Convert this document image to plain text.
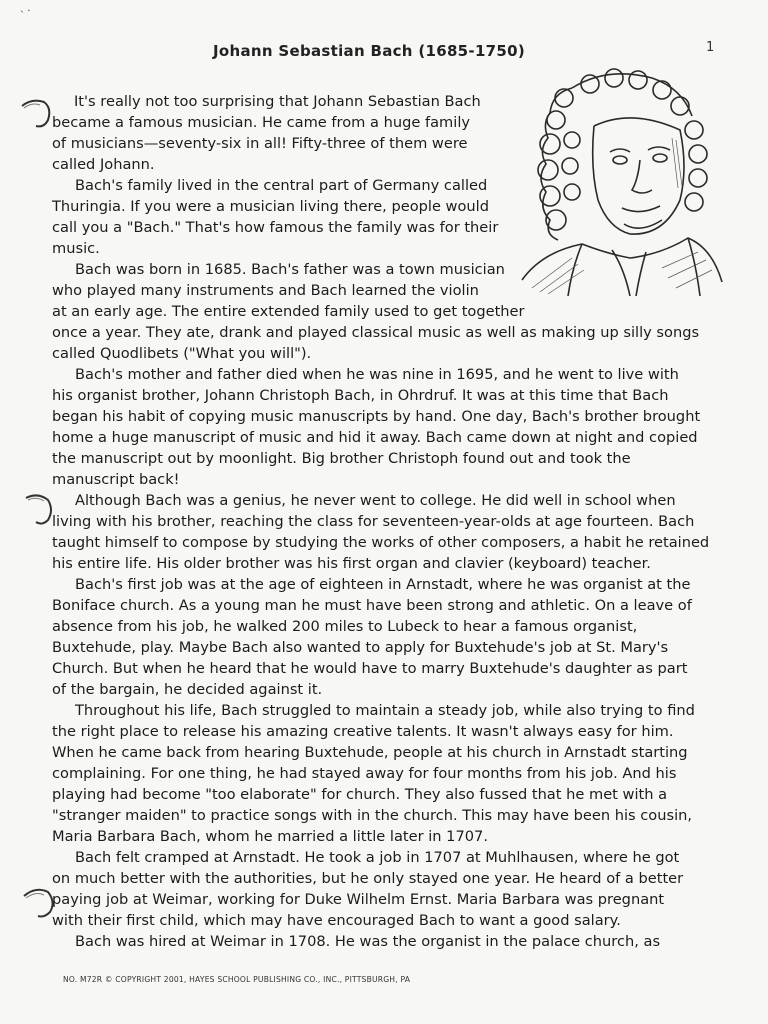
˴ ·
Johann Sebastian Bach (1685-1750)	1
It's really not too surprising that Johann Sebastian Bach
became a famous musician. He came from a huge family
of musicians—seventy-six in all! Fifty-three of them were
called Johann.
Bach's family lived in the central part of Germany called
Thuringia. If you were a musician living there, people would
call you a "Bach." That's how famous the family was for their
music.
Bach was born in 1685. Bach's father was a town musician
who played many instruments and Bach learned the violin
at an early age. The entire extended family used to get together
once a year. They ate, drank and played classical music as well as making up silly songs
called Quodlibets ("What you will").
Bach's mother and father died when he was nine in 1695, and he went to live with
his organist brother, Johann Christoph Bach, in Ohrdruf. It was at this time that Bach
began his habit of copying music manuscripts by hand. One day, Bach's brother brought
home a huge manuscript of music and hid it away. Bach came down at night and copied
the manuscript out by moonlight. Big brother Christoph found out and took the
manuscript back!
Although Bach was a genius, he never went to college. He did well in school when
living with his brother, reaching the class for seventeen-year-olds at age fourteen. Bach
taught himself to compose by studying the works of other composers, a habit he retained
his entire life. His older brother was his first organ and clavier (keyboard) teacher.
Bach's first job was at the age of eighteen in Arnstadt, where he was organist at the
Boniface church. As a young man he must have been strong and athletic. On a leave of
absence from his job, he walked 200 miles to Lubeck to hear a famous organist,
Buxtehude, play. Maybe Bach also wanted to apply for Buxtehude's job at St. Mary's
Church. But when he heard that he would have to marry Buxtehude's daughter as part
of the bargain, he decided against it.
Throughout his life, Bach struggled to maintain a steady job, while also trying to find
the right place to release his amazing creative talents. It wasn't always easy for him.
When he came back from hearing Buxtehude, people at his church in Arnstadt starting
complaining. For one thing, he had stayed away for four months from his job. And his
playing had become "too elaborate" for church. They also fussed that he met with a
"stranger maiden" to practice songs with in the church. This may have been his cousin,
Maria Barbara Bach, whom he married a little later in 1707.
Bach felt cramped at Arnstadt. He took a job in 1707 at Muhlhausen, where he got
on much better with the authorities, but he only stayed one year. He heard of a better
paying job at Weimar, working for Duke Wilhelm Ernst. Maria Barbara was pregnant
with their first child, which may have encouraged Bach to want a good salary.
Bach was hired at Weimar in 1708. He was the organist in the palace church, as
NO. M72R © COPYRIGHT 2001, HAYES SCHOOL PUBLISHING CO., INC., PITTSBURGH, PA
